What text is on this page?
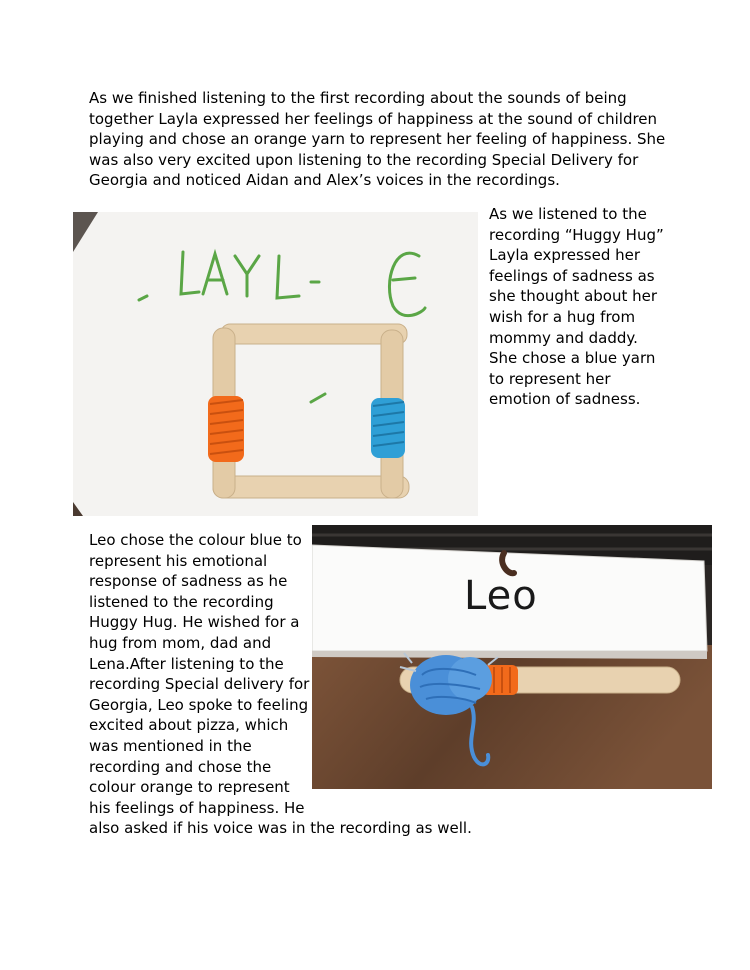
As we finished listening to the first recording about the sounds of being together Layla expressed her feelings of happiness at the sound of children playing and chose an orange yarn to represent her feeling of happiness. She was also very excited upon listening to the recording Special Delivery for Georgia and noticed Aidan and Alex’s voices in the recordings.

As we listened to the recording “Huggy Hug” Layla expressed her feelings of sadness as she thought about her wish for a hug from mommy and daddy. She chose a blue yarn to represent her emotion of sadness.

Leo chose the colour blue to represent his emotional response of sadness as he listened to the recording Huggy Hug. He wished for a hug from mom, dad and Lena.After listening to the recording Special delivery for Georgia, Leo spoke to feeling excited about pizza, which was mentioned in the recording and chose the colour orange to represent his feelings of happiness. He

Leo

also asked if his voice was in the recording as well.
